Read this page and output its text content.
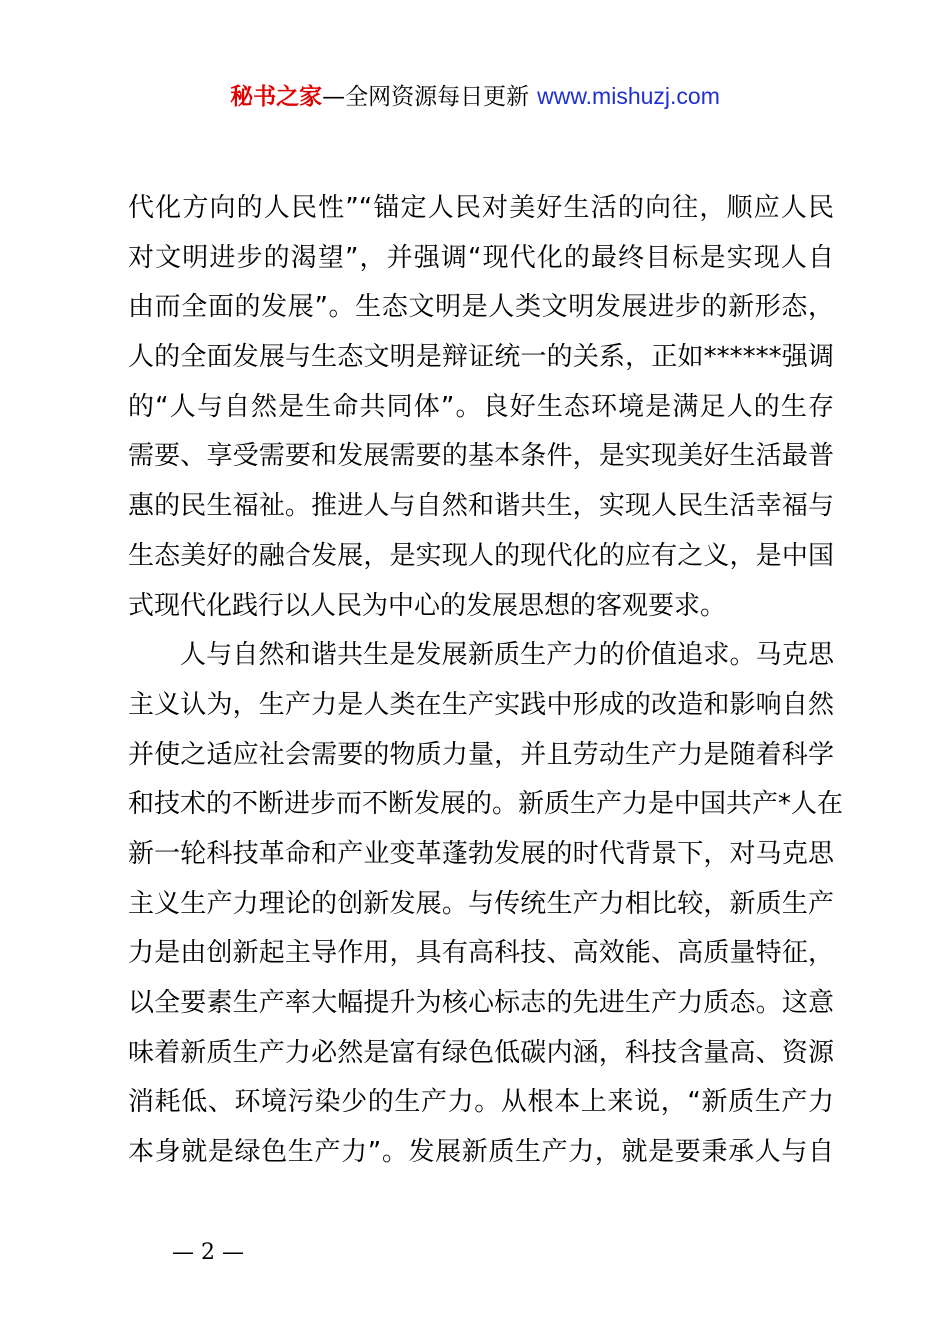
秘书之家—全网资源每日更新 www.mishuzj.com
代化方向的人民性”“锚定人民对美好生活的向往，顺应人民
对文明进步的渴望”，并强调“现代化的最终目标是实现人自
由而全面的发展”。生态文明是人类文明发展进步的新形态，
人的全面发展与生态文明是辩证统一的关系，正如******强调
的“人与自然是生命共同体”。良好生态环境是满足人的生存
需要、享受需要和发展需要的基本条件，是实现美好生活最普
惠的民生福祉。推进人与自然和谐共生，实现人民生活幸福与
生态美好的融合发展，是实现人的现代化的应有之义，是中国
式现代化践行以人民为中心的发展思想的客观要求。
人与自然和谐共生是发展新质生产力的价值追求。马克思
主义认为，生产力是人类在生产实践中形成的改造和影响自然
并使之适应社会需要的物质力量，并且劳动生产力是随着科学
和技术的不断进步而不断发展的。新质生产力是中国共产*人在
新一轮科技革命和产业变革蓬勃发展的时代背景下，对马克思
主义生产力理论的创新发展。与传统生产力相比较，新质生产
力是由创新起主导作用，具有高科技、高效能、高质量特征，
以全要素生产率大幅提升为核心标志的先进生产力质态。这意
味着新质生产力必然是富有绿色低碳内涵，科技含量高、资源
消耗低、环境污染少的生产力。从根本上来说，“新质生产力
本身就是绿色生产力”。发展新质生产力，就是要秉承人与自
— 2 —
